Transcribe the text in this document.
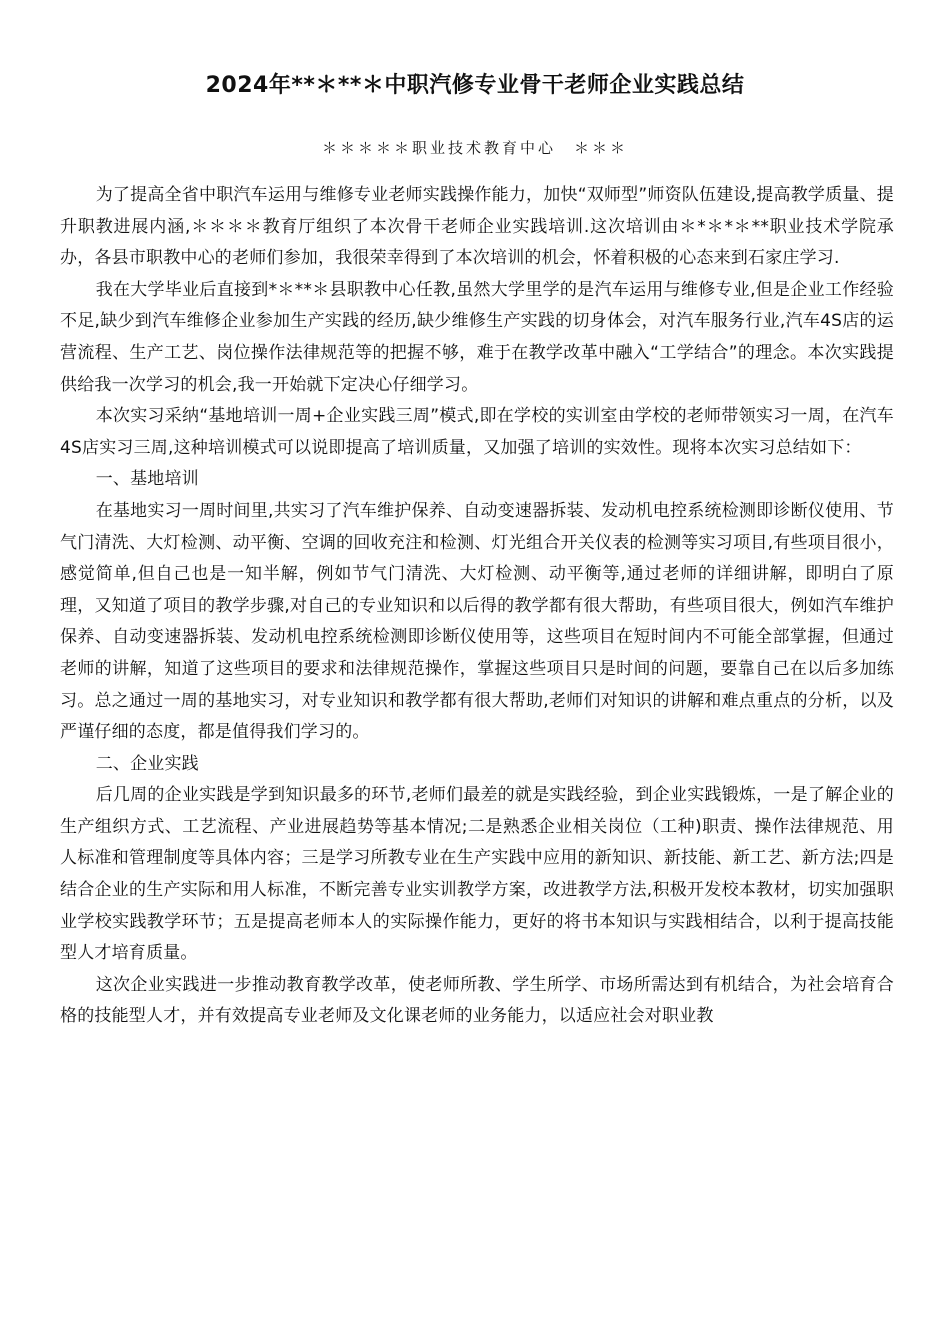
2024年**＊**＊中职汽修专业骨干老师企业实践总结
＊＊＊＊＊职业技术教育中心　＊＊＊

为了提高全省中职汽车运用与维修专业老师实践操作能力，加快“双师型”师资队伍建设,提高教学质量、提升职教进展内涵,＊＊＊＊教育厅组织了本次骨干老师企业实践培训.这次培训由＊*＊*＊**职业技术学院承办，各县市职教中心的老师们参加，我很荣幸得到了本次培训的机会，怀着积极的心态来到石家庄学习.

我在大学毕业后直接到*＊**＊县职教中心任教,虽然大学里学的是汽车运用与维修专业,但是企业工作经验不足,缺少到汽车维修企业参加生产实践的经历,缺少维修生产实践的切身体会，对汽车服务行业,汽车4S店的运营流程、生产工艺、岗位操作法律规范等的把握不够，难于在教学改革中融入“工学结合”的理念。本次实践提供给我一次学习的机会,我一开始就下定决心仔细学习。

本次实习采纳“基地培训一周+企业实践三周”模式,即在学校的实训室由学校的老师带领实习一周，在汽车4S店实习三周,这种培训模式可以说即提高了培训质量，又加强了培训的实效性。现将本次实习总结如下：

一、基地培训

在基地实习一周时间里,共实习了汽车维护保养、自动变速器拆装、发动机电控系统检测即诊断仪使用、节气门清洗、大灯检测、动平衡、空调的回收充注和检测、灯光组合开关仪表的检测等实习项目,有些项目很小，感觉简单,但自己也是一知半解，例如节气门清洗、大灯检测、动平衡等,通过老师的详细讲解，即明白了原理，又知道了项目的教学步骤,对自己的专业知识和以后得的教学都有很大帮助，有些项目很大，例如汽车维护保养、自动变速器拆装、发动机电控系统检测即诊断仪使用等，这些项目在短时间内不可能全部掌握，但通过老师的讲解，知道了这些项目的要求和法律规范操作，掌握这些项目只是时间的问题，要靠自己在以后多加练习。总之通过一周的基地实习，对专业知识和教学都有很大帮助,老师们对知识的讲解和难点重点的分析，以及严谨仔细的态度，都是值得我们学习的。

二、企业实践

后几周的企业实践是学到知识最多的环节,老师们最差的就是实践经验，到企业实践锻炼，一是了解企业的生产组织方式、工艺流程、产业进展趋势等基本情况;二是熟悉企业相关岗位（工种)职责、操作法律规范、用人标准和管理制度等具体内容；三是学习所教专业在生产实践中应用的新知识、新技能、新工艺、新方法;四是结合企业的生产实际和用人标准，不断完善专业实训教学方案，改进教学方法,积极开发校本教材，切实加强职业学校实践教学环节；五是提高老师本人的实际操作能力，更好的将书本知识与实践相结合，以利于提高技能型人才培育质量。

这次企业实践进一步推动教育教学改革，使老师所教、学生所学、市场所需达到有机结合，为社会培育合格的技能型人才，并有效提高专业老师及文化课老师的业务能力，以适应社会对职业教
